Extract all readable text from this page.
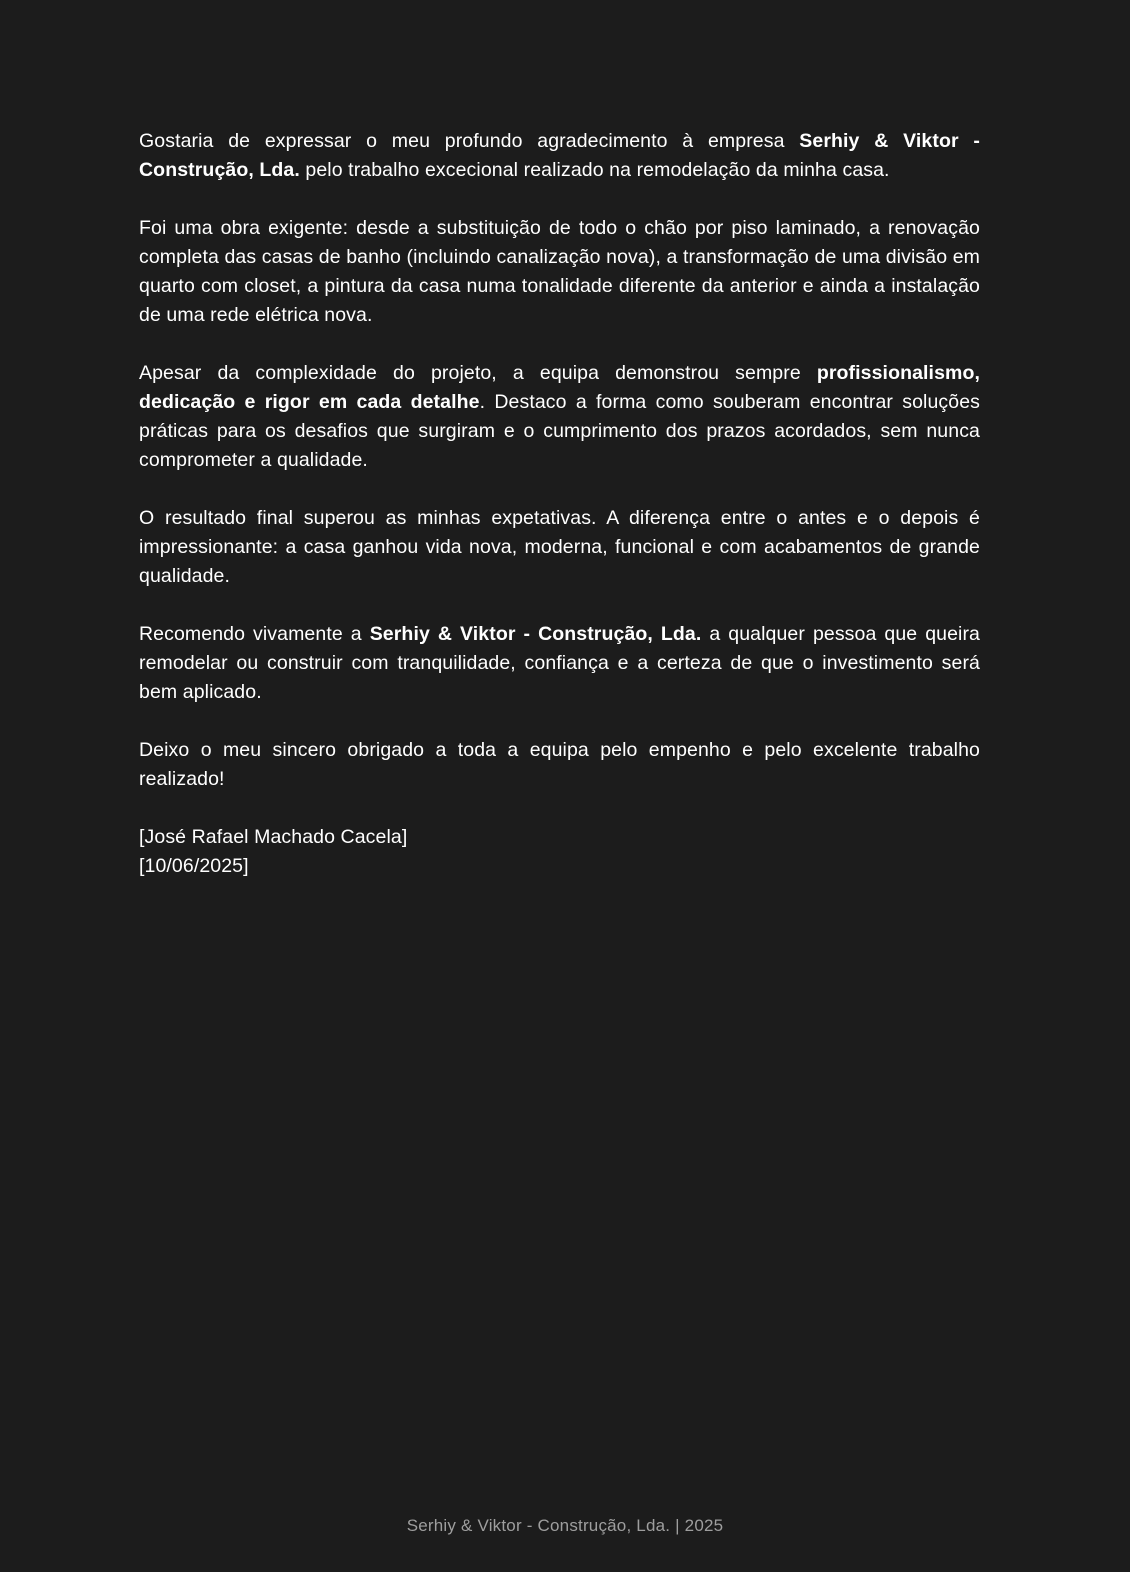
Gostaria de expressar o meu profundo agradecimento à empresa Serhiy & Viktor - Construção, Lda. pelo trabalho excecional realizado na remodelação da minha casa.

Foi uma obra exigente: desde a substituição de todo o chão por piso laminado, a renovação completa das casas de banho (incluindo canalização nova), a transformação de uma divisão em quarto com closet, a pintura da casa numa tonalidade diferente da anterior e ainda a instalação de uma rede elétrica nova.

Apesar da complexidade do projeto, a equipa demonstrou sempre profissionalismo, dedicação e rigor em cada detalhe. Destaco a forma como souberam encontrar soluções práticas para os desafios que surgiram e o cumprimento dos prazos acordados, sem nunca comprometer a qualidade.

O resultado final superou as minhas expetativas. A diferença entre o antes e o depois é impressionante: a casa ganhou vida nova, moderna, funcional e com acabamentos de grande qualidade.

Recomendo vivamente a Serhiy & Viktor - Construção, Lda. a qualquer pessoa que queira remodelar ou construir com tranquilidade, confiança e a certeza de que o investimento será bem aplicado.

Deixo o meu sincero obrigado a toda a equipa pelo empenho e pelo excelente trabalho realizado!

[José Rafael Machado Cacela]
[10/06/2025]

Serhiy & Viktor - Construção, Lda. | 2025
